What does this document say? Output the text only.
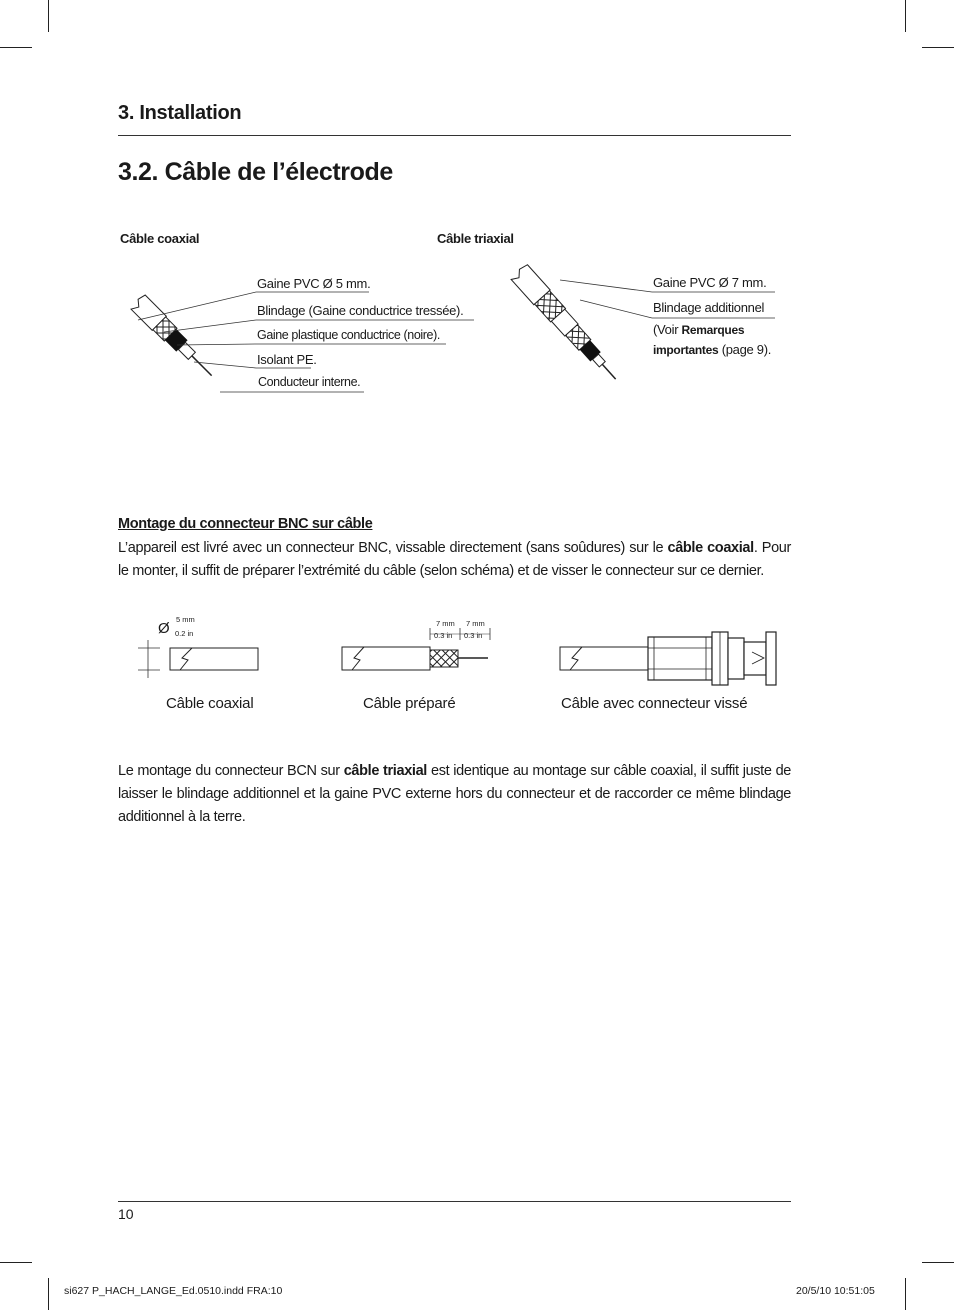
3. Installation
3.2. Câble de l’électrode
Câble coaxial	Câble triaxial
Gaine PVC Ø 5 mm.
Blindage (Gaine conductrice tressée).
Gaine plastique conductrice (noire).
Isolant PE.
Conducteur interne.
Gaine PVC Ø 7 mm.
Blindage additionnel
(Voir Remarques
importantes (page 9).
Montage du connecteur BNC sur câble
L’appareil est livré avec un connecteur BNC, vissable directement (sans soûdures) sur le câble coaxial. Pour le monter, il suffit de préparer l’extrémité du câble (selon schéma) et de visser le connecteur sur ce dernier.
Ø
5 mm
0.2 in
7 mm
0.3 in
7 mm
0.3 in
Câble coaxial	Câble préparé	Câble avec connecteur vissé
Le montage du connecteur BCN sur câble triaxial est identique au montage sur câble coaxial, il suffit juste de laisser le blindage additionnel et la gaine PVC externe hors du connecteur et de raccorder ce même blindage additionnel à la terre.
10
si627 P_HACH_LANGE_Ed.0510.indd FRA:10	20/5/10 10:51:05
